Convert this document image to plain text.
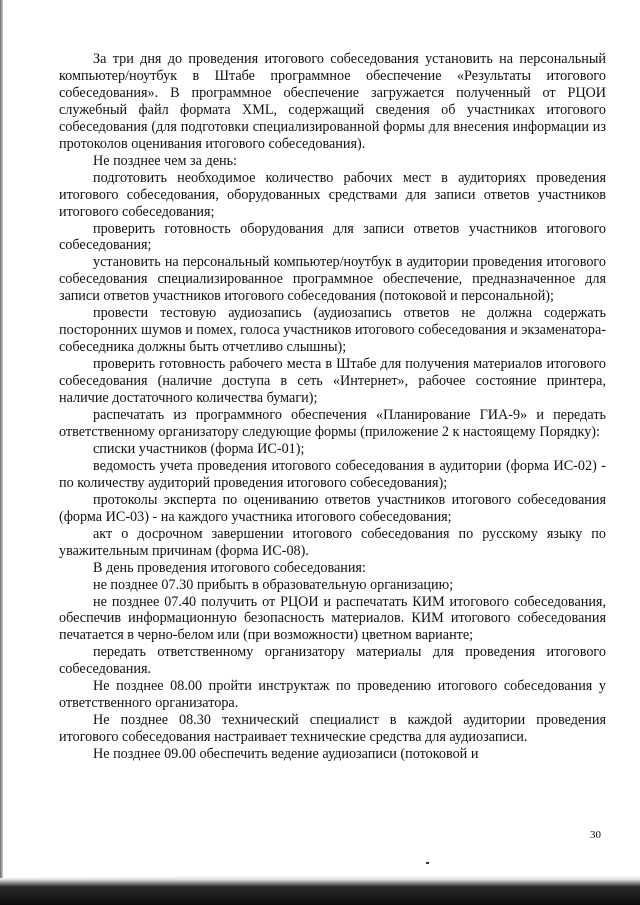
За три дня до проведения итогового собеседования установить на персональный компьютер/ноутбук в Штабе программное обеспечение «Результаты итогового собеседования». В программное обеспечение загружается полученный от РЦОИ служебный файл формата XML, содержащий сведения об участниках итогового собеседования (для подготовки специализированной формы для внесения информации из протоколов оценивания итогового собеседования).

Не позднее чем за день:

подготовить необходимое количество рабочих мест в аудиториях проведения итогового собеседования, оборудованных средствами для записи ответов участников итогового собеседования;

проверить готовность оборудования для записи ответов участников итогового собеседования;

установить на персональный компьютер/ноутбук в аудитории проведения итогового собеседования специализированное программное обеспечение, предназначенное для записи ответов участников итогового собеседования (потоковой и персональной);

провести тестовую аудиозапись (аудиозапись ответов не должна содержать посторонних шумов и помех, голоса участников итогового собеседования и экзаменатора-собеседника должны быть отчетливо слышны);

проверить готовность рабочего места в Штабе для получения материалов итогового собеседования (наличие доступа в сеть «Интернет», рабочее состояние принтера, наличие достаточного количества бумаги);

распечатать из программного обеспечения «Планирование ГИА-9» и передать ответственному организатору следующие формы (приложение 2 к настоящему Порядку):

списки участников (форма ИС-01);

ведомость учета проведения итогового собеседования в аудитории (форма ИС-02) - по количеству аудиторий проведения итогового собеседования);

протоколы эксперта по оцениванию ответов участников итогового собеседования (форма ИС-03) - на каждого участника итогового собеседования;

акт о досрочном завершении итогового собеседования по русскому языку по уважительным причинам (форма ИС-08).

В день проведения итогового собеседования:

не позднее 07.30 прибыть в образовательную организацию;

не позднее 07.40 получить от РЦОИ и распечатать КИМ итогового собеседования, обеспечив информационную безопасность материалов. КИМ итогового собеседования печатается в черно-белом или (при возможности) цветном варианте;

передать ответственному организатору материалы для проведения итогового собеседования.

Не позднее 08.00 пройти инструктаж по проведению итогового собеседования у ответственного организатора.

Не позднее 08.30 технический специалист в каждой аудитории проведения итогового собеседования настраивает технические средства для аудиозаписи.

Не позднее 09.00 обеспечить ведение аудиозаписи (потоковой и

30
